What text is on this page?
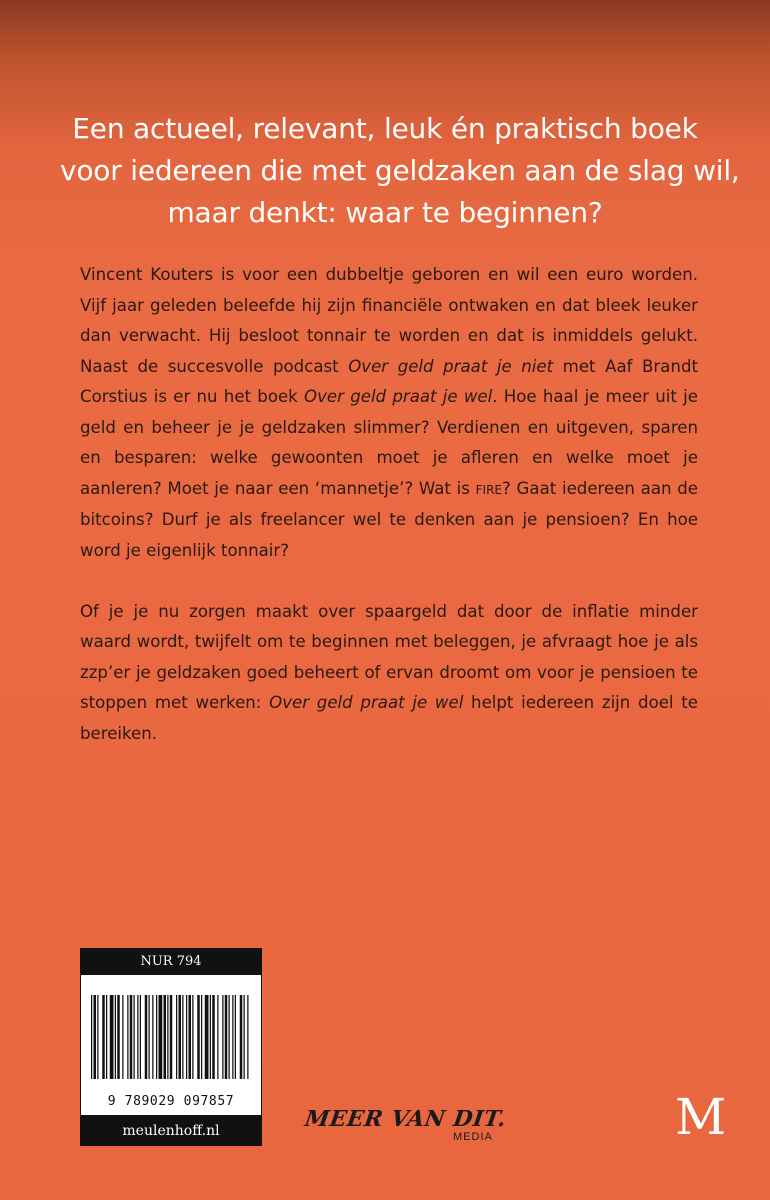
Een actueel, relevant, leuk én praktisch boek
voor iedereen die met geldzaken aan de slag wil,
maar denkt: waar te beginnen?

Vincent Kouters is voor een dubbeltje geboren en wil een euro worden. Vijf jaar geleden beleefde hij zijn financiële ontwaken en dat bleek leuker dan verwacht. Hij besloot tonnair te worden en dat is inmiddels gelukt. Naast de succesvolle podcast Over geld praat je niet met Aaf Brandt Corstius is er nu het boek Over geld praat je wel. Hoe haal je meer uit je geld en beheer je je geldzaken slimmer? Verdienen en uitgeven, sparen en besparen: welke gewoonten moet je afleren en welke moet je aanleren? Moet je naar een ‘mannetje’? Wat is FIRE? Gaat iedereen aan de bitcoins? Durf je als freelancer wel te denken aan je pensioen? En hoe word je eigenlijk tonnair?

Of je je nu zorgen maakt over spaargeld dat door de inflatie minder waard wordt, twijfelt om te beginnen met beleggen, je afvraagt hoe je als zzp’er je geldzaken goed beheert of ervan droomt om voor je pensioen te stoppen met werken: Over geld praat je wel helpt iedereen zijn doel te bereiken.

NUR 794
9 789029 097857
meulenhoff.nl	MEER VAN DIT.
MEDIA	M
